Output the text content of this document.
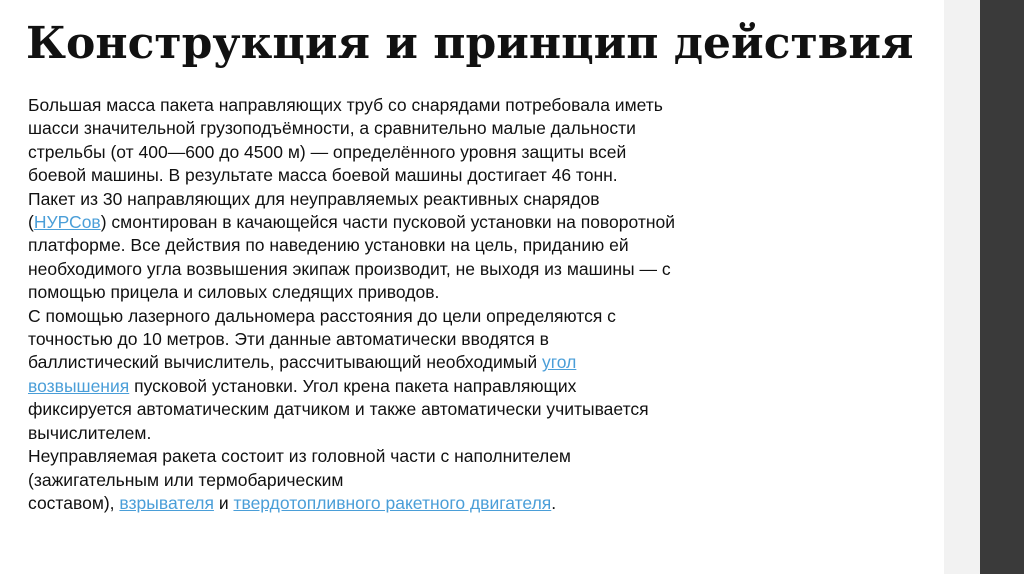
Конструкция и принцип действия
Большая масса пакета направляющих труб со снарядами потребовала иметь
шасси значительной грузоподъёмности, а сравнительно малые дальности
стрельбы (от 400—600 до 4500 м) — определённого уровня защиты всей
боевой машины. В результате масса боевой машины достигает 46 тонн.
Пакет из 30 направляющих для неуправляемых реактивных снарядов
(НУРСов) смонтирован в качающейся части пусковой установки на поворотной
платформе. Все действия по наведению установки на цель, приданию ей
необходимого угла возвышения экипаж производит, не выходя из машины — с
помощью прицела и силовых следящих приводов.
С помощью лазерного дальномера расстояния до цели определяются с
точностью до 10 метров. Эти данные автоматически вводятся в
баллистический вычислитель, рассчитывающий необходимый угол
возвышения пусковой установки. Угол крена пакета направляющих
фиксируется автоматическим датчиком и также автоматически учитывается
вычислителем.
Неуправляемая ракета состоит из головной части с наполнителем
(зажигательным или термобарическим
составом), взрывателя и твердотопливного ракетного двигателя.
